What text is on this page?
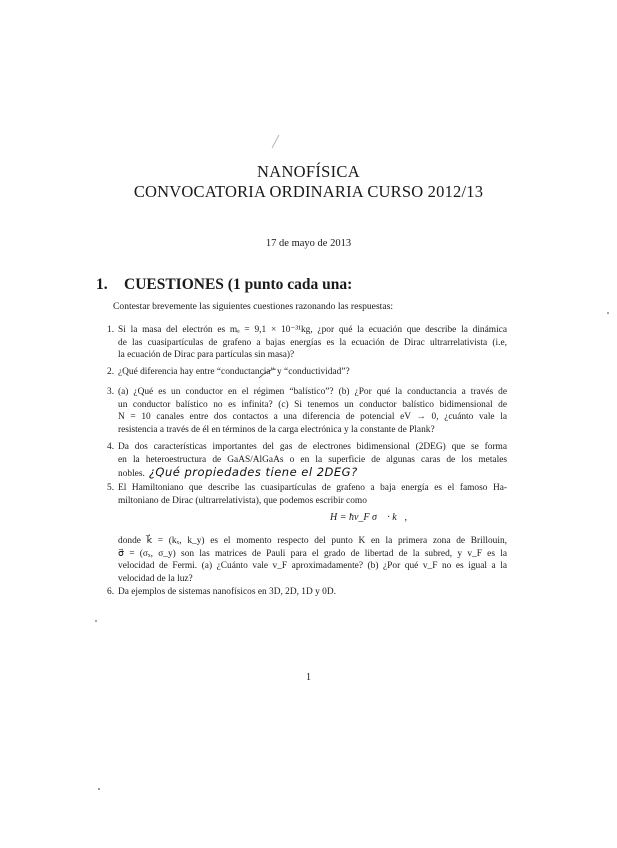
NANOFÍSICA
CONVOCATORIA ORDINARIA CURSO 2012/13
17 de mayo de 2013
1. CUESTIONES (1 punto cada una:
Contestar brevemente las siguientes cuestiones razonando las respuestas:
1. Si la masa del electrón es mₑ = 9,1 × 10⁻³¹kg, ¿por qué la ecuación que describe la dinámica
de las cuasipartículas de grafeno a bajas energías es la ecuación de Dirac ultrarrelativista (i.e,
la ecuación de Dirac para partículas sin masa)?
2. ¿Qué diferencia hay entre “conductancia” y “conductividad”?
3. (a) ¿Qué es un conductor en el régimen “balístico”? (b) ¿Por qué la conductancia a través de
un conductor balístico no es infinita? (c) Si tenemos un conductor balístico bidimensional de
N = 10 canales entre dos contactos a una diferencia de potencial eV → 0, ¿cuánto vale la
resistencia a través de él en términos de la carga electrónica y la constante de Plank?
4. Da dos características importantes del gas de electrones bidimensional (2DEG) que se forma
en la heteroestructura de GaAS/AlGaAs o en la superficie de algunas caras de los metales
nobles. ¿Qué propiedades tiene el 2DEG?
5. El Hamiltoniano que describe las cuasipartículas de grafeno a baja energía es el famoso Ha-
miltoniano de Dirac (ultrarrelativista), que podemos escribir como
H = ħv_F σ⃗ · k⃗,
donde k⃗ = (kₓ, k_y) es el momento respecto del punto K en la primera zona de Brillouin,
σ⃗ = (σₓ, σ_y) son las matrices de Pauli para el grado de libertad de la subred, y v_F es la
velocidad de Fermi. (a) ¿Cuánto vale v_F aproximadamente? (b) ¿Por qué v_F no es igual a la
velocidad de la luz?
6. Da ejemplos de sistemas nanofísicos en 3D, 2D, 1D y 0D.
1
